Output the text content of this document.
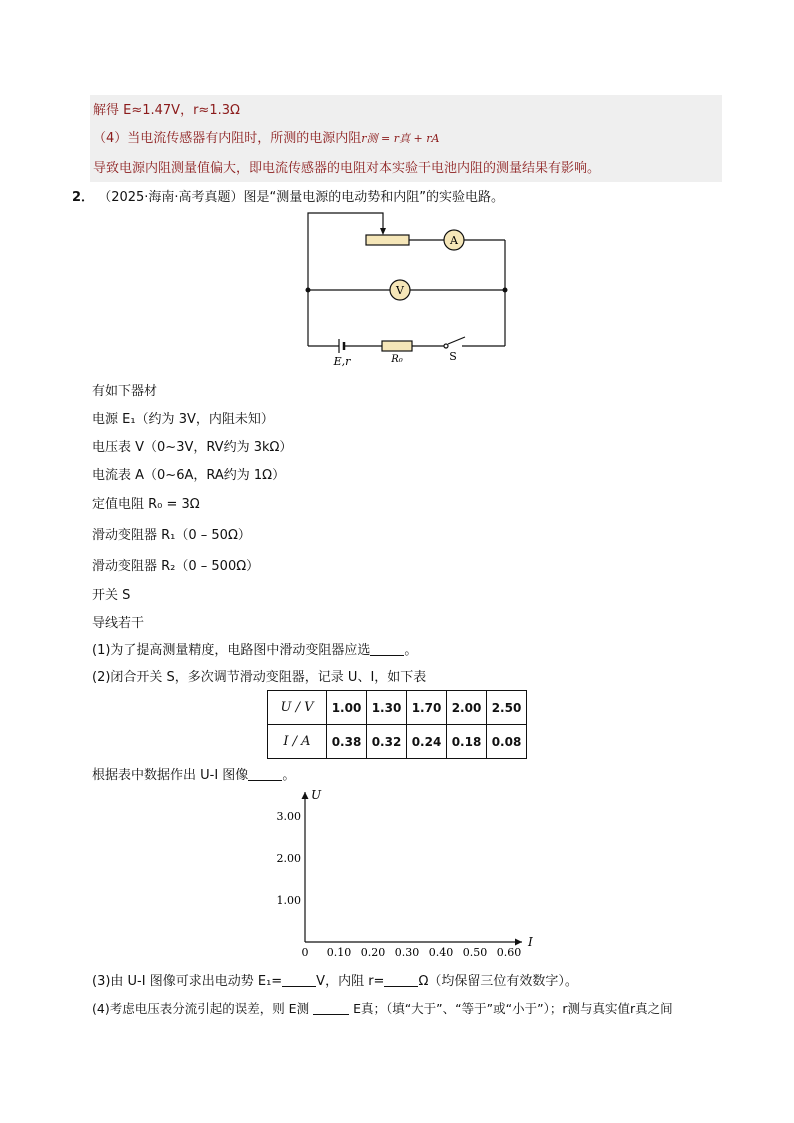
解得 E≈1.47V，r≈1.3Ω
（4）当电流传感器有内阻时，所测的电源内阻r测 = r真 + rA
导致电源内阻测量值偏大，即电流传感器的电阻对本实验干电池内阻的测量结果有影响。
2． （2025·海南·高考真题）图是“测量电源的电动势和内阻”的实验电路。
A
V
E,r	R₀	S
有如下器材
电源 E₁（约为 3V，内阻未知）
电压表 V（0~3V，RV约为 3kΩ）
电流表 A（0~6A，RA约为 1Ω）
定值电阻 R₀ = 3Ω
滑动变阻器 R₁（0 – 50Ω）
滑动变阻器 R₂（0 – 500Ω）
开关 S
导线若干
(1)为了提高测量精度，电路图中滑动变阻器应选	。
(2)闭合开关 S，多次调节滑动变阻器，记录 U、I，如下表
U / V	1.00	1.30	1.70	2.00	2.50
I / A	0.38	0.32	0.24	0.18	0.08
根据表中数据作出 U-I 图像	。
U
I
0 0.10 0.20 0.30 0.40 0.50 0.60
1.00
2.00
3.00
(3)由 U-I 图像可求出电动势 E₁=	V，内阻 r=	Ω（均保留三位有效数字）。
(4)考虑电压表分流引起的误差，则 E测	E真；（填“大于”、“等于”或“小于”）；r测与真实值r真之间
